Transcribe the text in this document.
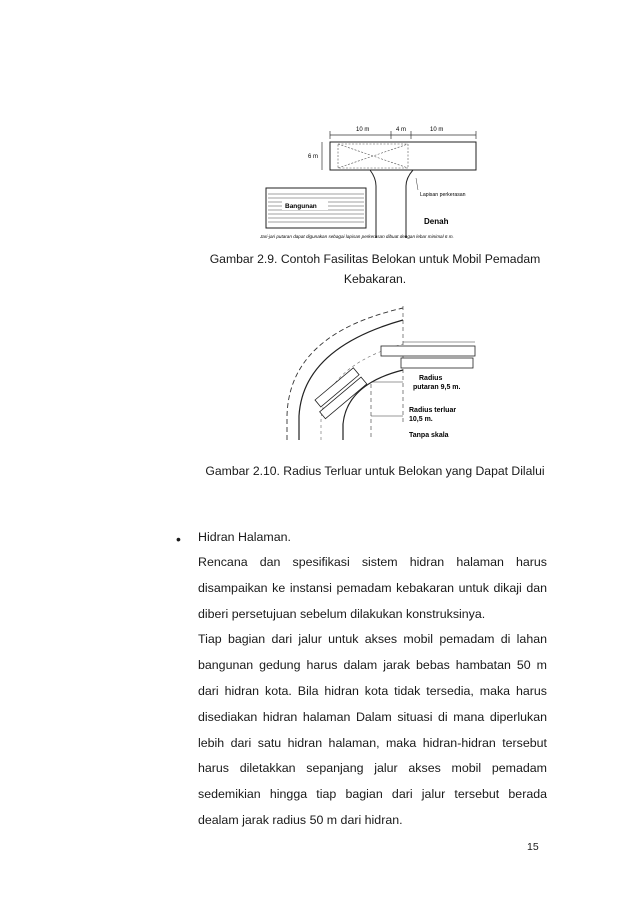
10 m	4 m	10 m
6 m
Lapisan perkerasan
Bangunan
Denah
Jari-jari putaran dapat digunakan sebagai lapisan perkerasan dibuat dengan lebar minimal 6 m.
Gambar 2.9. Contoh Fasilitas Belokan untuk Mobil Pemadam Kebakaran.
Radius
putaran 9,5 m.
Radius terluar
10,5 m.
Tanpa skala
Gambar 2.10. Radius Terluar untuk Belokan yang Dapat Dilalui
• Hidran Halaman.

Rencana dan spesifikasi sistem hidran halaman harus
disampaikan ke instansi pemadam kebakaran untuk dikaji dan

diberi persetujuan sebelum dilakukan konstruksinya.

Tiap bagian dari jalur untuk akses mobil pemadam di lahan
bangunan gedung harus dalam jarak bebas hambatan 50 m
dari hidran kota. Bila hidran kota tidak tersedia, maka harus
disediakan hidran halaman Dalam situasi di mana diperlukan
lebih dari satu hidran halaman, maka hidran-hidran tersebut
harus diletakkan sepanjang jalur akses mobil pemadam
sedemikian hingga tiap bagian dari jalur tersebut berada

dealam jarak radius 50 m dari hidran.

15
